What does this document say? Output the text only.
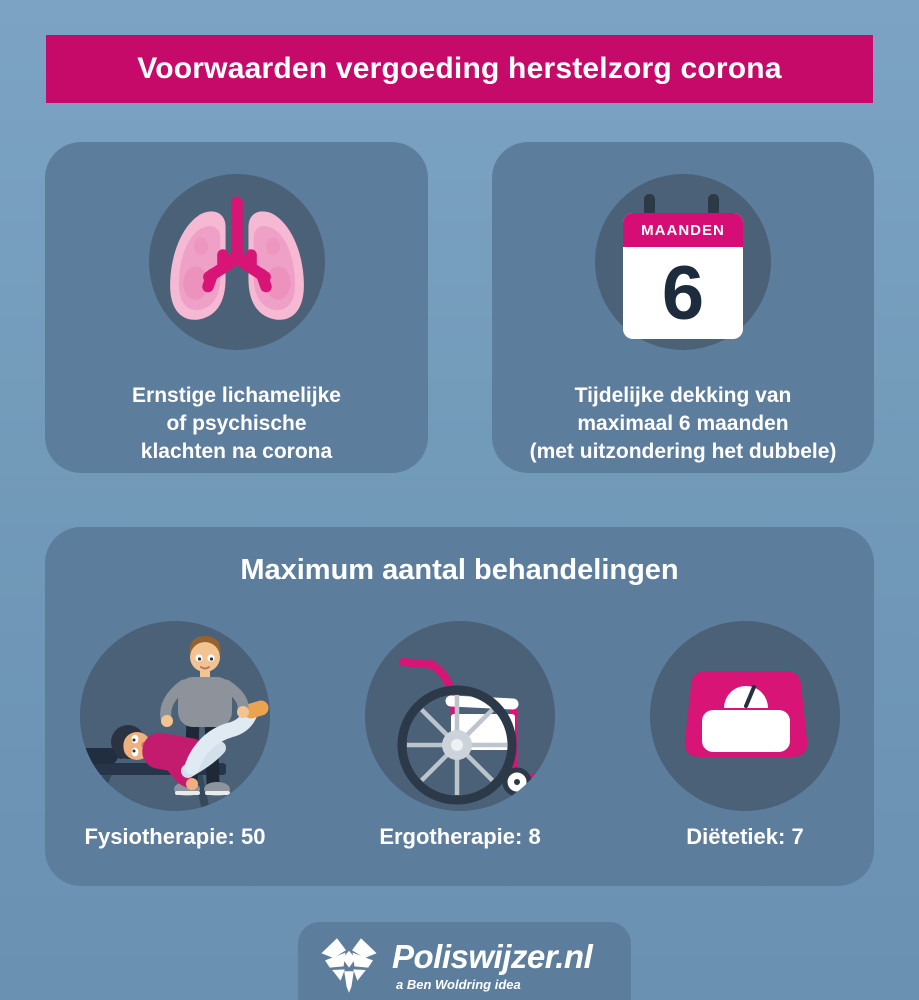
Voorwaarden vergoeding herstelzorg corona

Ernstige lichamelijke
of psychische
klachten na corona

MAANDEN
6

Tijdelijke dekking van
maximaal 6 maanden
(met uitzondering het dubbele)

Maximum aantal behandelingen
Fysiotherapie: 50	Ergotherapie: 8	Diëtetiek: 7
Poliswijzer.nl
a Ben Woldring idea
